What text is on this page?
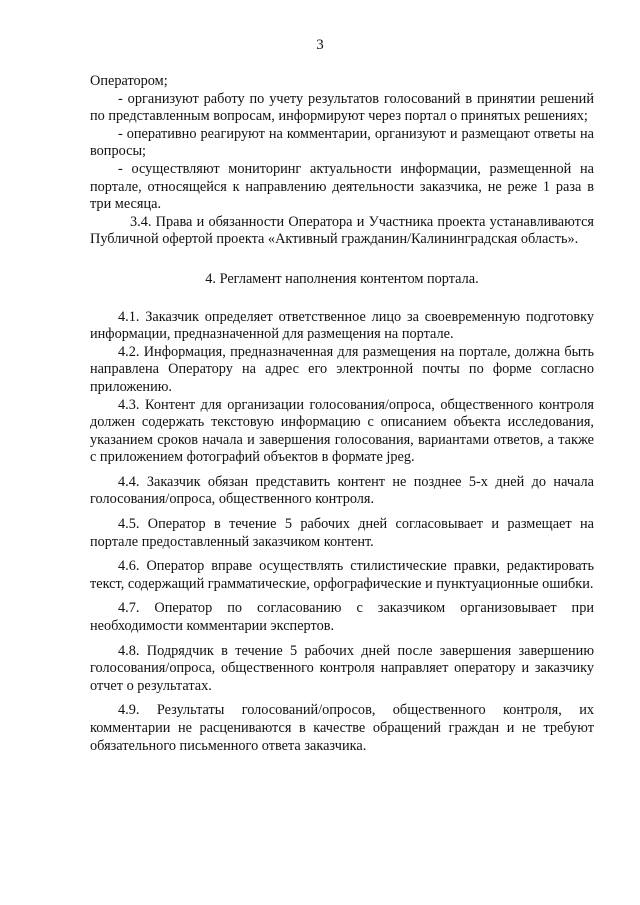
3

Оператором;

- организуют работу по учету результатов голосований в принятии решений по представленным вопросам, информируют через портал о принятых решениях;

- оперативно реагируют на комментарии, организуют и размещают ответы на вопросы;

- осуществляют мониторинг актуальности информации, размещенной на портале, относящейся к направлению деятельности заказчика, не реже 1 раза в три месяца.

3.4. Права и обязанности Оператора и Участника проекта устанавливаются Публичной офертой проекта «Активный гражданин/Калининградская область».

4. Регламент наполнения контентом портала.

4.1. Заказчик определяет ответственное лицо за своевременную подготовку информации, предназначенной для размещения на портале.

4.2. Информация, предназначенная для размещения на портале, должна быть направлена Оператору на адрес его электронной почты по форме согласно приложению.

4.3. Контент для организации голосования/опроса, общественного контроля должен содержать текстовую информацию с описанием объекта исследования, указанием сроков начала и завершения голосования, вариантами ответов, а также с приложением фотографий объектов в формате jpeg.

4.4. Заказчик обязан представить контент не позднее 5-х дней до начала голосования/опроса, общественного контроля.

4.5. Оператор в течение 5 рабочих дней согласовывает и размещает на портале предоставленный заказчиком контент.

4.6. Оператор вправе осуществлять стилистические правки, редактировать текст, содержащий грамматические, орфографические и пунктуационные ошибки.

4.7. Оператор по согласованию с заказчиком организовывает при необходимости комментарии экспертов.

4.8. Подрядчик в течение 5 рабочих дней после завершения завершению голосования/опроса, общественного контроля направляет оператору и заказчику отчет о результатах.

4.9. Результаты голосований/опросов, общественного контроля, их комментарии не расцениваются в качестве обращений граждан и не требуют обязательного письменного ответа заказчика.
